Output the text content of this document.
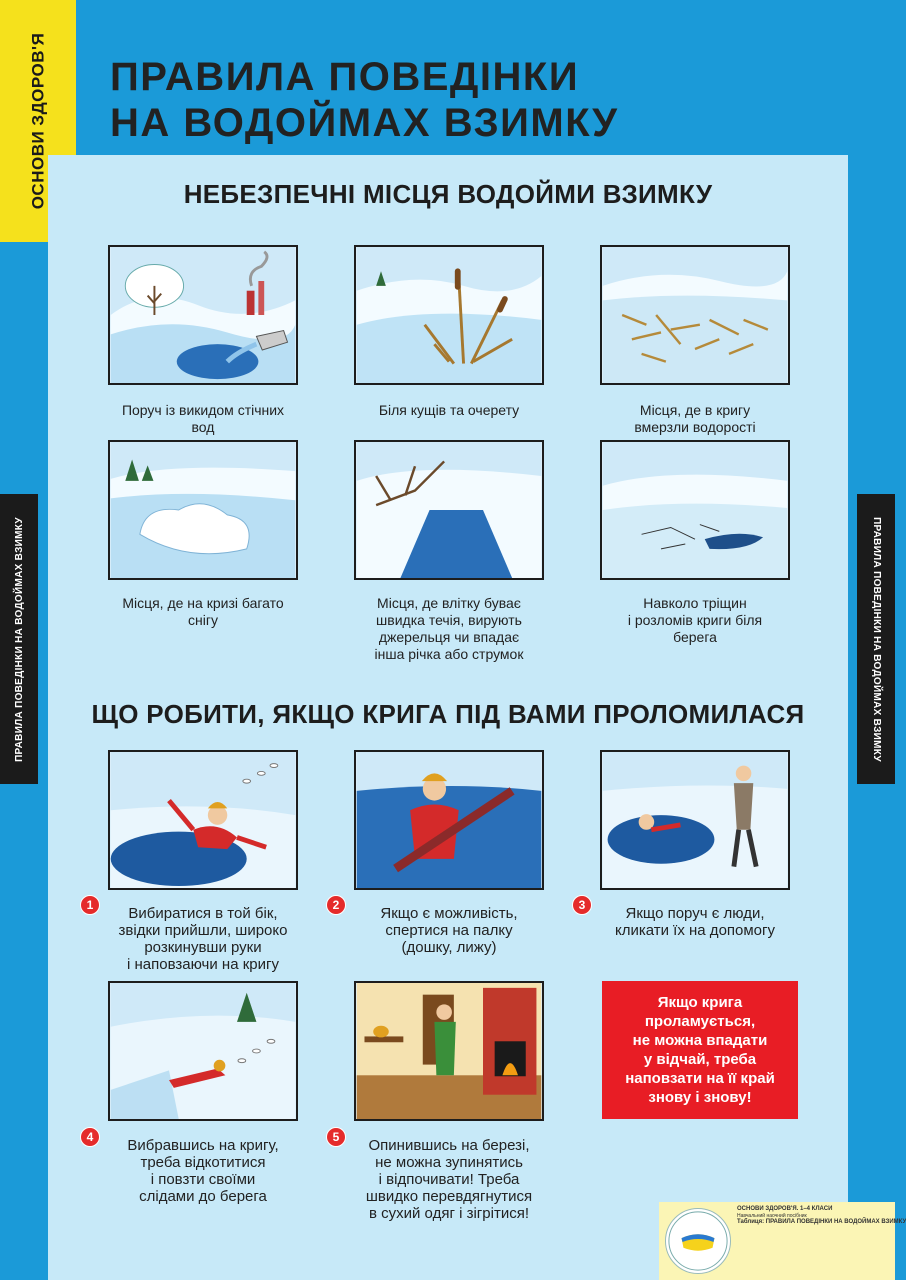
ОСНОВИ ЗДОРОВ'Я
ПРАВИЛА ПОВЕДІНКИ НА ВОДОЙМАХ ВЗИМКУ	ПРАВИЛА ПОВЕДІНКИ НА ВОДОЙМАХ ВЗИМКУ
ПРАВИЛА ПОВЕДІНКИ
НА ВОДОЙМАХ ВЗИМКУ
НЕБЕЗПЕЧНІ МІСЦЯ ВОДОЙМИ ВЗИМКУ
Поруч із викидом стічних
вод
Біля кущів та очерету	Місця, де в кригу
вмерзли водорості
Місця, де на кризі багато
снігу
Місця, де влітку буває
швидка течія, вирують
джерельця чи впадає
інша річка або струмок
Навколо тріщин
і розломів криги біля
берега
ЩО РОБИТИ, ЯКЩО КРИГА ПІД ВАМИ ПРОЛОМИЛАСЯ
1	Вибиратися в той бік,
звідки прийшли, широко
розкинувши руки
і наповзаючи на кригу
2	Якщо є можливість,
спертися на палку
(дошку, лижу)
3	Якщо поруч є люди,
кликати їх на допомогу
4	Вибравшись на кригу,
треба відкотитися
і повзти своїми
слідами до берега
5	Опинившись на березі,
не можна зупинятись
і відпочивати! Треба
швидко перевдягнутися
в сухий одяг і зігрітися!
Якщо крига
проламується,
не можна впадати
у відчай, треба
наповзати на її край
знову і знову!
ОСНОВИ ЗДОРОВ'Я. 1–4 КЛАСИ
Навчальний наочний посібник
Таблиця: ПРАВИЛА ПОВЕДІНКИ НА ВОДОЙМАХ ВЗИМКУ
